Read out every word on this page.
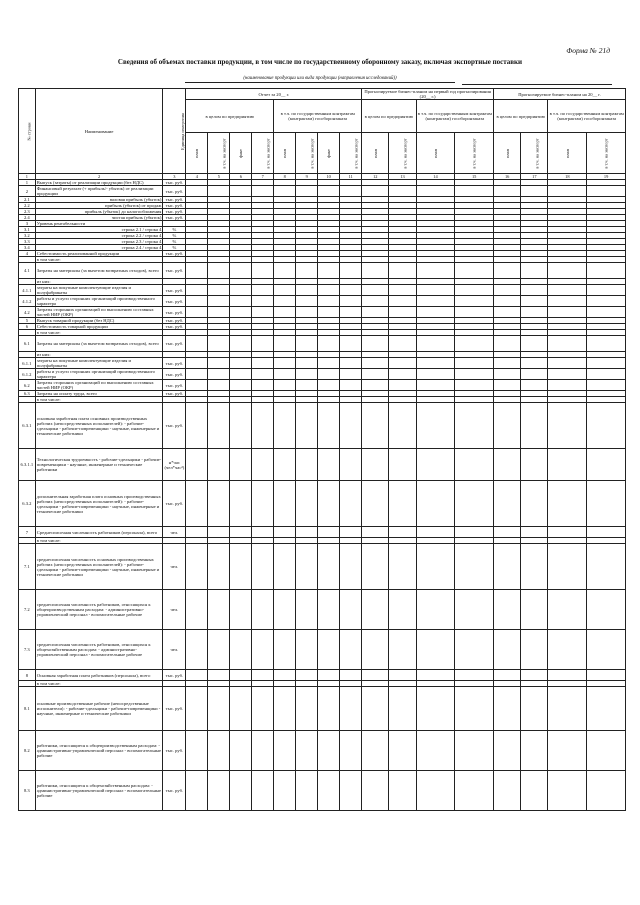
Форма № 21д
Сведения об объемах поставки продукции, в том числе по государственному оборонному заказу, включая экспортные поставки
(наименование продукции или вида продукции (направления исследований))
№ строки	Наименование	Единица измерения	Отчет за 20__ г.								Прогнозируемое бизнес-планом на первый год прогнозирования (20__ г.)				Прогнозируемое бизнес-планом на 20__ г.			
			в целом по предприятию				в т.ч. по государственным контрактам (контрактам) гособоронзаказа				в целом по предприятию		в т.ч. по государственным контрактам (контрактам) гособоронзаказа		в целом по предприятию		в т.ч. по государственным контрактам (контрактам) гособоронзаказа	
			план	в т.ч. на экспорт	факт	в т.ч. на экспорт	план	в т.ч. на экспорт	факт	в т.ч. на экспорт	план	в т.ч. на экспорт	план	в т.ч. на экспорт	план	в т.ч. на экспорт	план	в т.ч. на экспорт
1	2	3	4	5	6	7	8	9	10	11	12	13	14	15	16	17	18	19
1	Выпуск (затраты) от реализации продукции (без НДС)	тыс. руб.																
2	Финансовый результат (+ прибыль/- убыток) от реализации продукции	тыс. руб.																
2.1	валовая прибыль (убыток)	тыс. руб.																
2.2	прибыль (убыток) от продаж	тыс. руб.																
2.3	прибыль (убыток) до налогообложения	тыс. руб.																
2.4	чистая прибыль (убыток)	тыс. руб.																
3	Уровень рентабельности																	
3.1	строка 2.1 / строка 4	%																
3.2	строка 2.2 / строка 4	%																
3.3	строка 2.3 / строка 4	%																
3.4	строка 2.4 / строка 4	%																
4	Себестоимость реализованной продукции	тыс. руб.																
	в том числе:																	
4.1	Затраты на материалы (за вычетом возвратных отходов), всего	тыс. руб.																
	из них:																	
4.1.1	затраты на покупные комплектующие изделия и полуфабрикаты	тыс. руб.																
4.1.2	работы и услуги сторонних организаций производственного характера	тыс. руб.																
4.2	Затраты сторонних организаций по выполнению составных частей НИР (ОКР)	тыс. руб.																
5	Выпуск товарной продукции (без НДС)	тыс. руб.																
6	Себестоимость товарной продукции	тыс. руб.																
	в том числе:																	
6.1	Затраты на материалы (за вычетом возвратных отходов), всего	тыс. руб.																
	из них:																	
6.1.1	затраты на покупные комплектующие изделия и полуфабрикаты	тыс. руб.																
6.1.2	работы и услуги сторонних организаций производственного характера	тыс. руб.																
6.2	Затраты сторонних организаций по выполнению составных частей НИР (ОКР)	тыс. руб.																
6.3	Затраты на оплату труда, всего	тыс. руб.																
	в том числе:																	
6.3.1	основная заработная плата основных производственных рабочих (непосредственных исполнителей): - рабочие-сдельщики - рабочие-повременщики - научные, инженерные и технические работники	тыс. руб.																
6.3.1.1	Технологическая трудоемкость - рабочие-сдельщики - рабочие-повременщики - научные, инженерные и технические работники	н*час (чел*час²)																
6.3.2	дополнительная заработная плата основных производственных рабочих (непосредственных исполнителей): - рабочие-сдельщики - рабочие-повременщики - научные, инженерные и технические работники	тыс. руб.																
7	Среднесписочная численность работников (персонала), всего	чел.																
	в том числе:																	
7.1	среднесписочная численность основных производственных рабочих (непосредственных исполнителей): - рабочие-сдельщики - рабочие-повременщики - научные, инженерные и технические работники	чел.																
7.2	среднесписочная численность работников, относящихся к общепроизводственным расходам: - административно-управленческий персонал - вспомогательные рабочие	чел.																
7.3	среднесписочная численность работников, относящихся к общехозяйственным расходам: - административно-управленческий персонал - вспомогательные рабочие	чел.																
8	Основная заработная плата работников (персонала), всего	тыс. руб.																
	в том числе:																	
8.1	основные производственные рабочие (непосредственные исполнители): - рабочие-сдельщики - рабочие-повременщики - научные, инженерные и технические работники	тыс. руб.																
8.2	работники, относящиеся к общепроизводственным расходам: - административно-управленческий персонал - вспомогательные рабочие	тыс. руб.																
8.3	работники, относящиеся к общехозяйственным расходам: - административно-управленческий персонал - вспомогательные рабочие	тыс. руб.																
